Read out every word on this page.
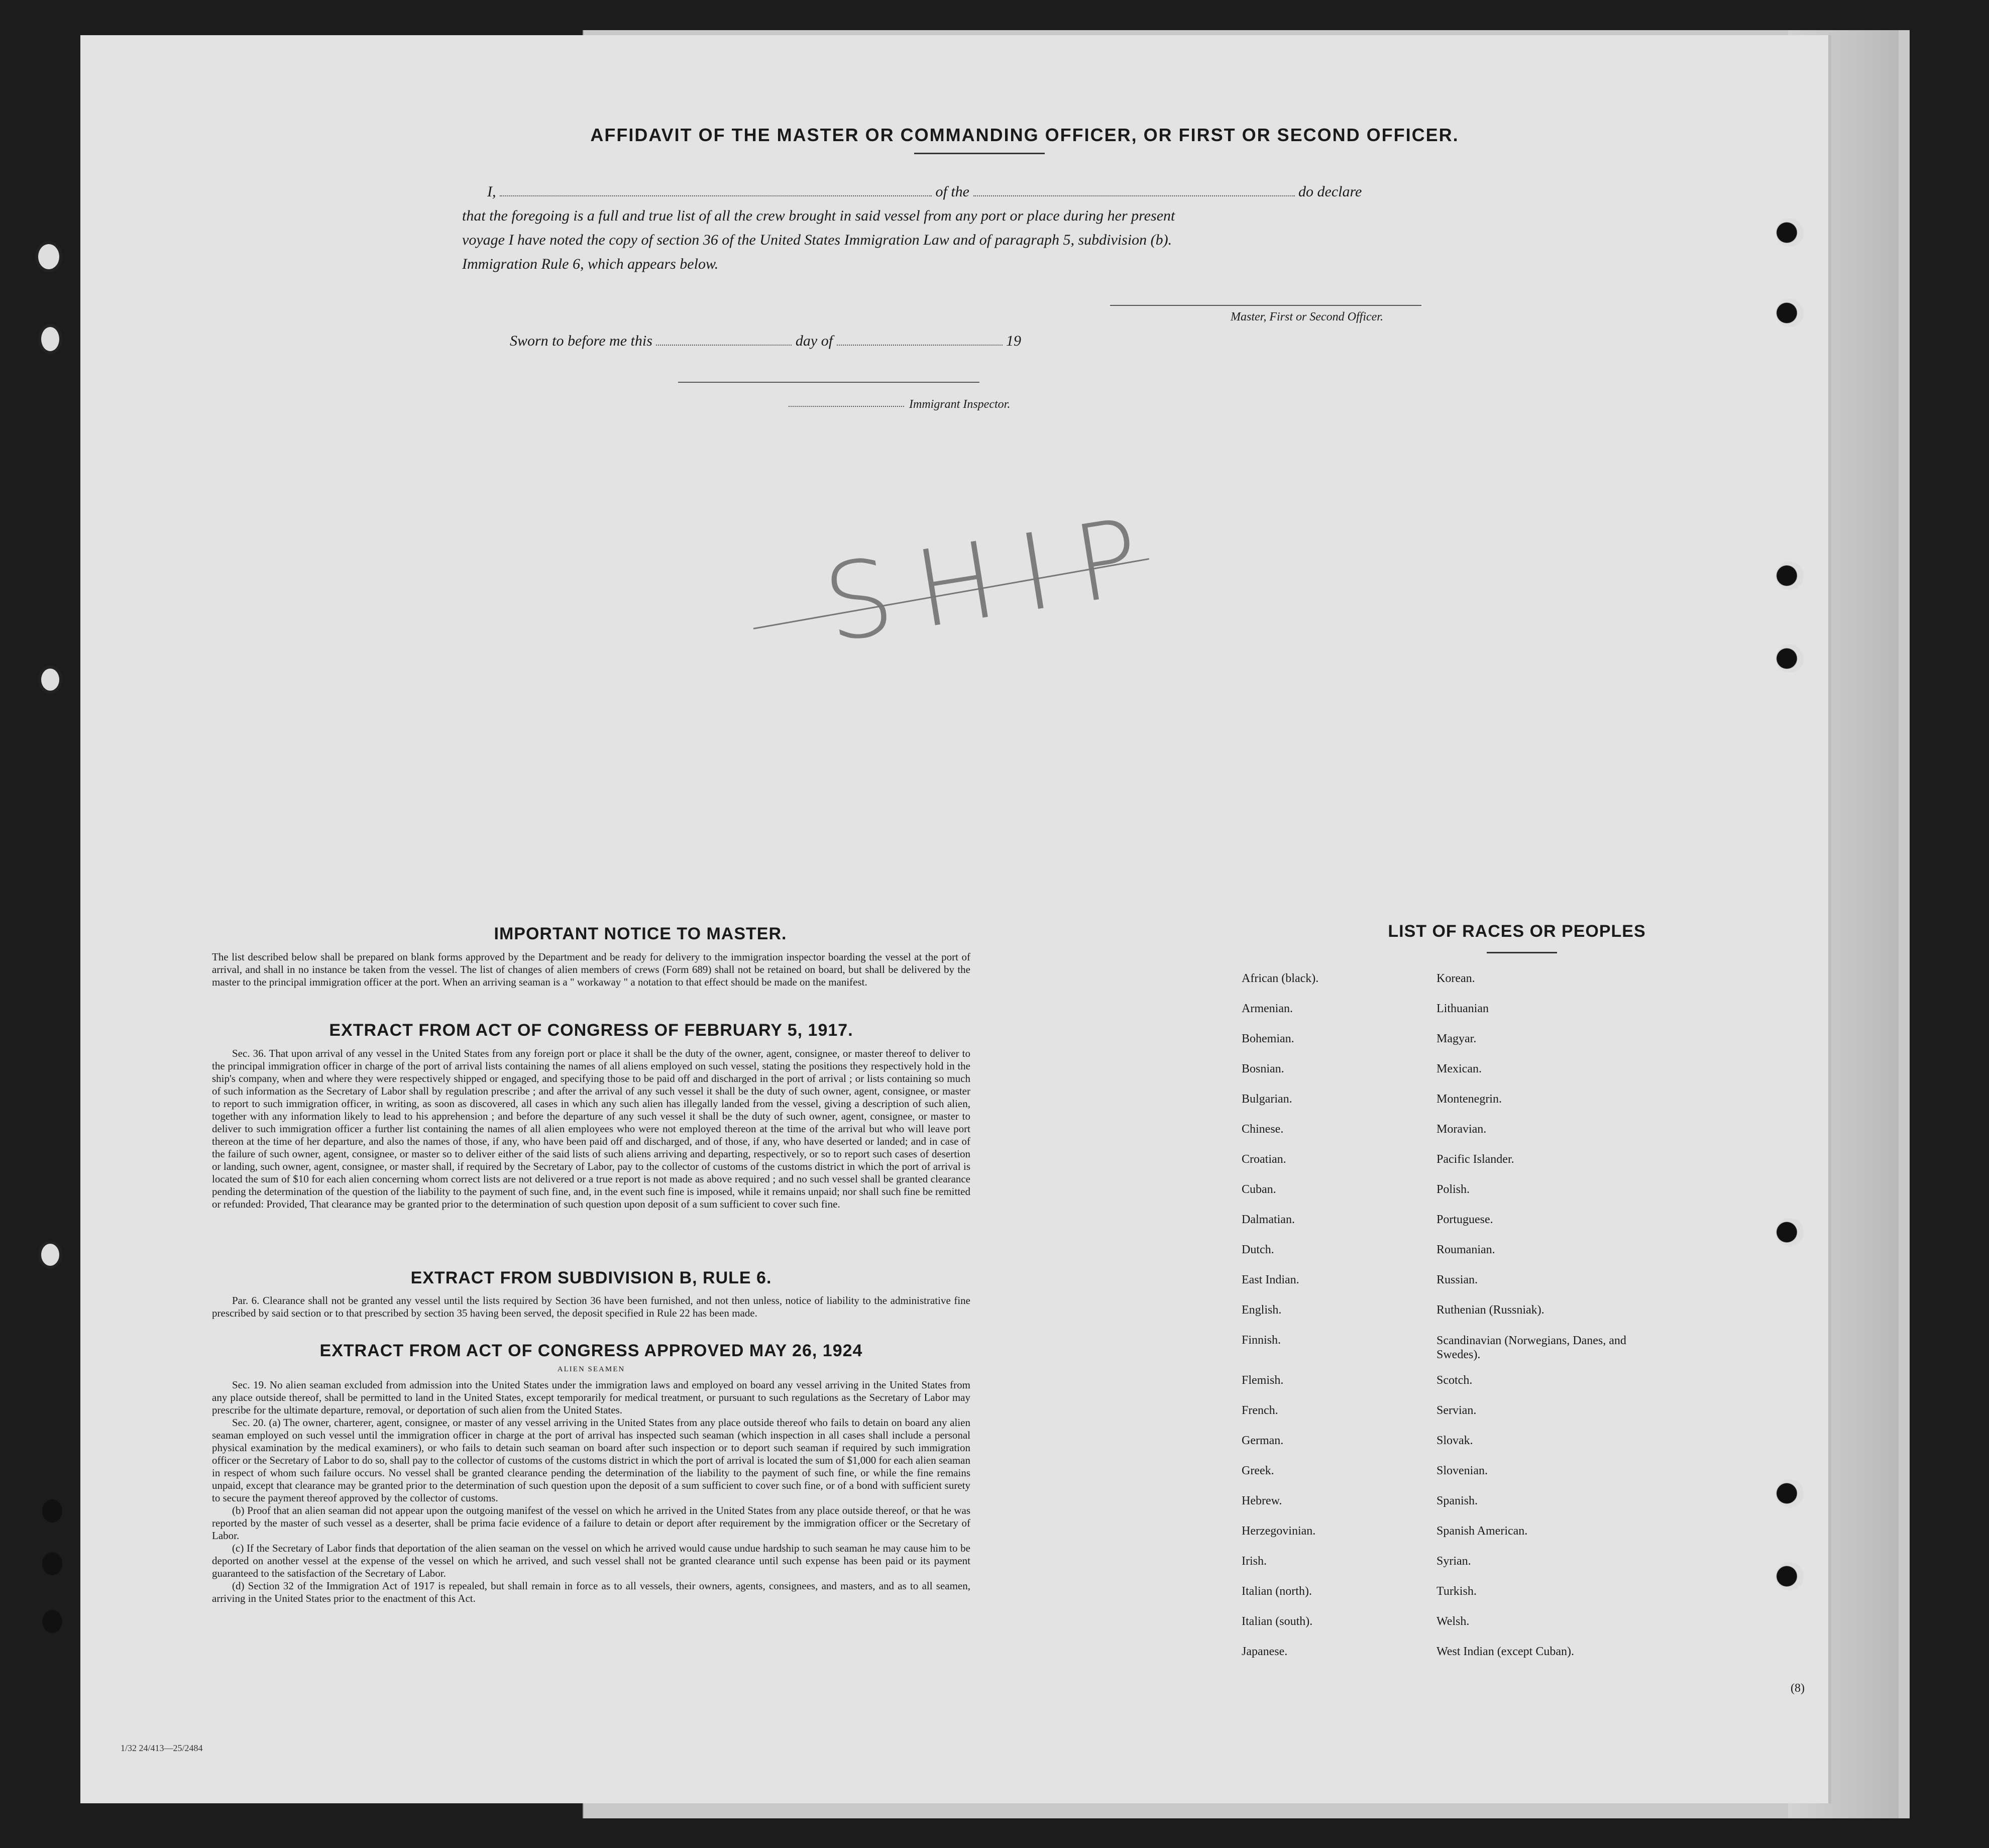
AFFIDAVIT OF THE MASTER OR COMMANDING OFFICER, OR FIRST OR SECOND OFFICER.
I,	of the	do declare
that the foregoing is a full and true list of all the crew brought in said vessel from any port or place during her present
voyage I have noted the copy of section 36 of the United States Immigration Law and of paragraph 5, subdivision (b).
Immigration Rule 6, which appears below.
Master, First or Second Officer.
Sworn to before me this	day of	19
Immigrant Inspector.
SHIP
IMPORTANT NOTICE TO MASTER.
The list described below shall be prepared on blank forms approved by the Department and be ready for delivery to the immigration inspector boarding the vessel at the port of arrival, and shall in no instance be taken from the vessel. The list of changes of alien members of crews (Form 689) shall not be retained on board, but shall be delivered by the master to the principal immigration officer at the port. When an arriving seaman is a " workaway " a notation to that effect should be made on the manifest.
EXTRACT FROM ACT OF CONGRESS OF FEBRUARY 5, 1917.
Sec. 36. That upon arrival of any vessel in the United States from any foreign port or place it shall be the duty of the owner, agent, consignee, or master thereof to deliver to the principal immigration officer in charge of the port of arrival lists containing the names of all aliens employed on such vessel, stating the positions they respectively hold in the ship's company, when and where they were respectively shipped or engaged, and specifying those to be paid off and discharged in the port of arrival ; or lists containing so much of such information as the Secretary of Labor shall by regulation prescribe ; and after the arrival of any such vessel it shall be the duty of such owner, agent, consignee, or master to report to such immigration officer, in writing, as soon as discovered, all cases in which any such alien has illegally landed from the vessel, giving a description of such alien, together with any information likely to lead to his apprehension ; and before the departure of any such vessel it shall be the duty of such owner, agent, consignee, or master to deliver to such immigration officer a further list containing the names of all alien employees who were not employed thereon at the time of the arrival but who will leave port thereon at the time of her departure, and also the names of those, if any, who have been paid off and discharged, and of those, if any, who have deserted or landed; and in case of the failure of such owner, agent, consignee, or master so to deliver either of the said lists of such aliens arriving and departing, respectively, or so to report such cases of desertion or landing, such owner, agent, consignee, or master shall, if required by the Secretary of Labor, pay to the collector of customs of the customs district in which the port of arrival is located the sum of $10 for each alien concerning whom correct lists are not delivered or a true report is not made as above required ; and no such vessel shall be granted clearance pending the determination of the question of the liability to the payment of such fine, and, in the event such fine is imposed, while it remains unpaid; nor shall such fine be remitted or refunded: Provided, That clearance may be granted prior to the determination of such question upon deposit of a sum sufficient to cover such fine.
EXTRACT FROM SUBDIVISION B, RULE 6.
Par. 6. Clearance shall not be granted any vessel until the lists required by Section 36 have been furnished, and not then unless, notice of liability to the administrative fine prescribed by said section or to that prescribed by section 35 having been served, the deposit specified in Rule 22 has been made.
EXTRACT FROM ACT OF CONGRESS APPROVED MAY 26, 1924
ALIEN SEAMEN
Sec. 19. No alien seaman excluded from admission into the United States under the immigration laws and employed on board any vessel arriving in the United States from any place outside thereof, shall be permitted to land in the United States, except temporarily for medical treatment, or pursuant to such regulations as the Secretary of Labor may prescribe for the ultimate departure, removal, or deportation of such alien from the United States.
Sec. 20. (a) The owner, charterer, agent, consignee, or master of any vessel arriving in the United States from any place outside thereof who fails to detain on board any alien seaman employed on such vessel until the immigration officer in charge at the port of arrival has inspected such seaman (which inspection in all cases shall include a personal physical examination by the medical examiners), or who fails to detain such seaman on board after such inspection or to deport such seaman if required by such immigration officer or the Secretary of Labor to do so, shall pay to the collector of customs of the customs district in which the port of arrival is located the sum of $1,000 for each alien seaman in respect of whom such failure occurs. No vessel shall be granted clearance pending the determination of the liability to the payment of such fine, or while the fine remains unpaid, except that clearance may be granted prior to the determination of such question upon the deposit of a sum sufficient to cover such fine, or of a bond with sufficient surety to secure the payment thereof approved by the collector of customs.
(b) Proof that an alien seaman did not appear upon the outgoing manifest of the vessel on which he arrived in the United States from any place outside thereof, or that he was reported by the master of such vessel as a deserter, shall be prima facie evidence of a failure to detain or deport after requirement by the immigration officer or the Secretary of Labor.
(c) If the Secretary of Labor finds that deportation of the alien seaman on the vessel on which he arrived would cause undue hardship to such seaman he may cause him to be deported on another vessel at the expense of the vessel on which he arrived, and such vessel shall not be granted clearance until such expense has been paid or its payment guaranteed to the satisfaction of the Secretary of Labor.
(d) Section 32 of the Immigration Act of 1917 is repealed, but shall remain in force as to all vessels, their owners, agents, consignees, and masters, and as to all seamen, arriving in the United States prior to the enactment of this Act.
LIST OF RACES OR PEOPLES
African (black).
Armenian.
Bohemian.
Bosnian.
Bulgarian.
Chinese.
Croatian.
Cuban.
Dalmatian.
Dutch.
East Indian.
English.
Finnish.
Flemish.
French.
German.
Greek.
Hebrew.
Herzegovinian.
Irish.
Italian (north).
Italian (south).
Japanese.
Korean.
Lithuanian
Magyar.
Mexican.
Montenegrin.
Moravian.
Pacific Islander.
Polish.
Portuguese.
Roumanian.
Russian.
Ruthenian (Russniak).
Scandinavian (Norwegians, Danes, and Swedes).
Scotch.
Servian.
Slovak.
Slovenian.
Spanish.
Spanish American.
Syrian.
Turkish.
Welsh.
West Indian (except Cuban).
(8)
1/32 24/413—25/2484
